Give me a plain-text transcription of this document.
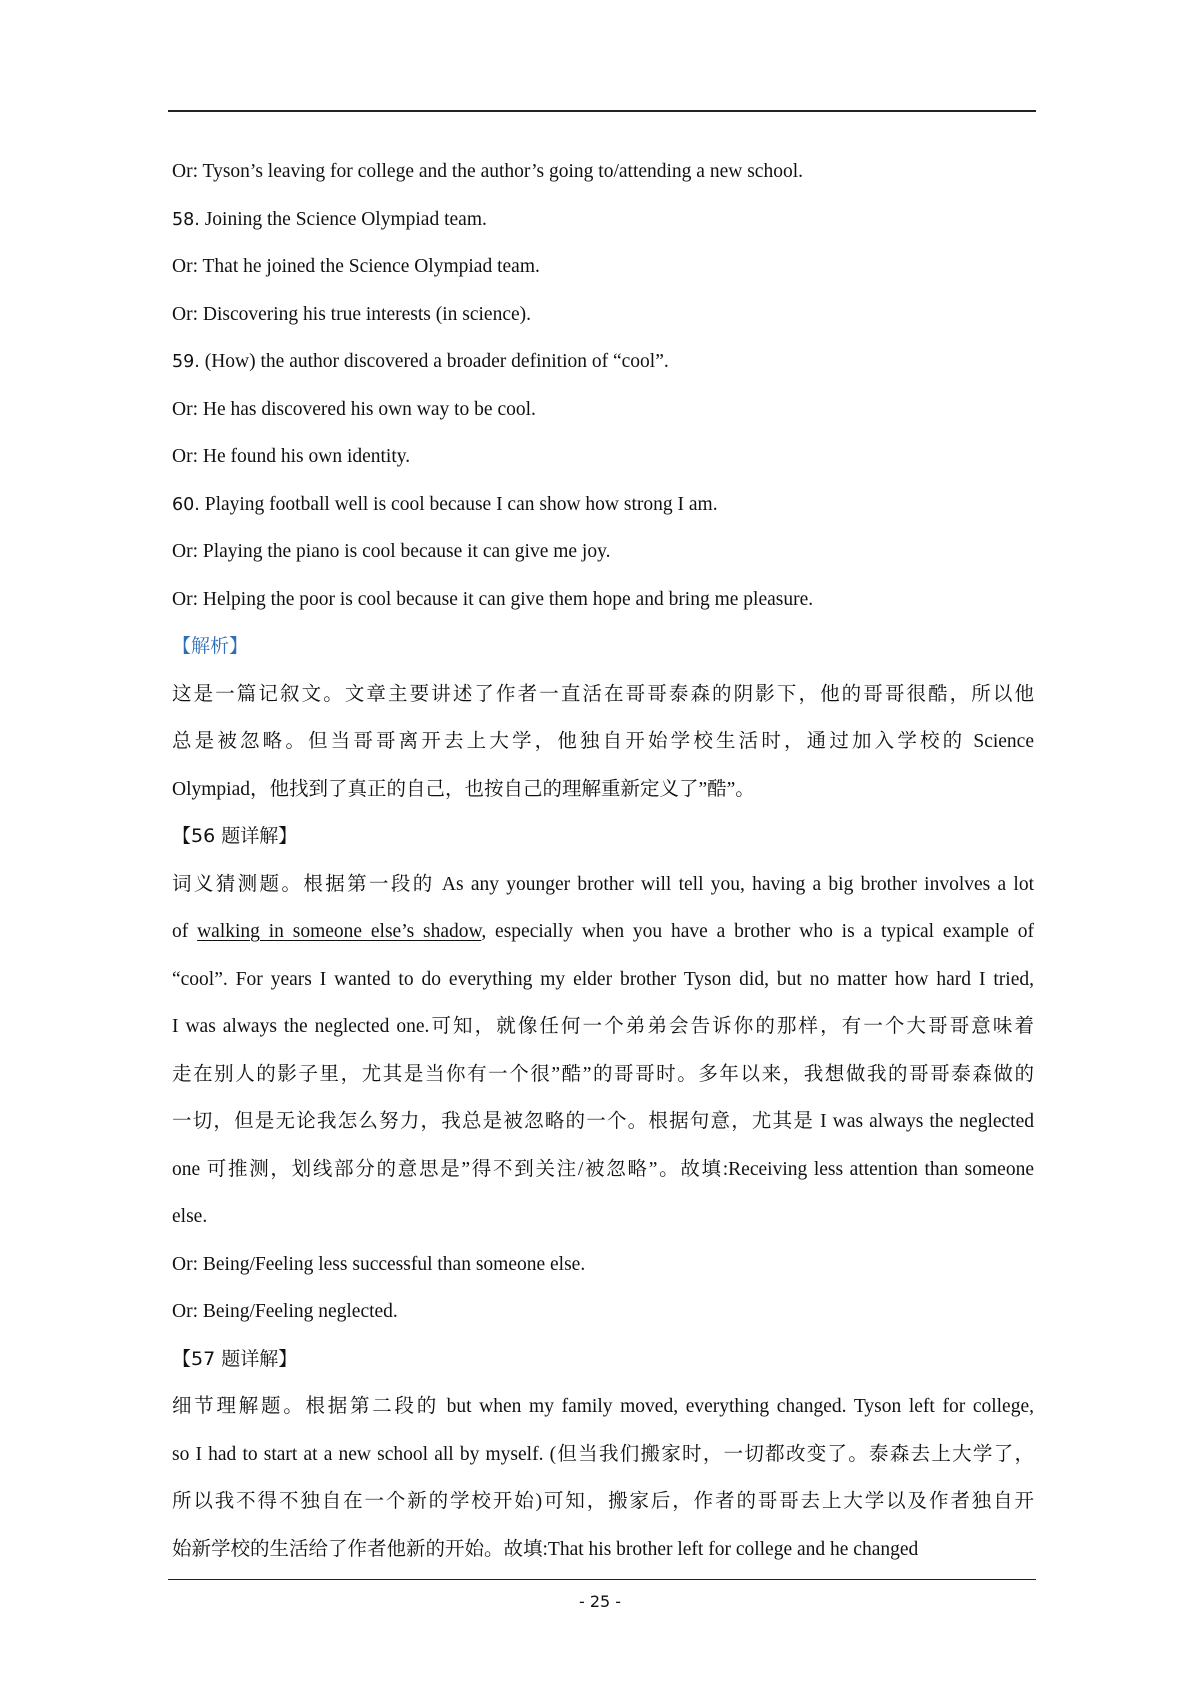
Or: Tyson’s leaving for college and the author’s going to/attending a new school.
58. Joining the Science Olympiad team.
Or: That he joined the Science Olympiad team.
Or: Discovering his true interests (in science).
59. (How) the author discovered a broader definition of “cool”.
Or: He has discovered his own way to be cool.
Or: He found his own identity.
60. Playing football well is cool because I can show how strong I am.
Or: Playing the piano is cool because it can give me joy.
Or: Helping the poor is cool because it can give them hope and bring me pleasure.
【解析】
这是一篇记叙文。文章主要讲述了作者一直活在哥哥泰森的阴影下，他的哥哥很酷，所以他
总是被忽略。但当哥哥离开去上大学，他独自开始学校生活时，通过加入学校的 Science
Olympiad，他找到了真正的自己，也按自己的理解重新定义了”酷”。
【56 题详解】
词义猜测题。根据第一段的 As any younger brother will tell you, having a big brother involves a lot
of walking in someone else’s shadow, especially when you have a brother who is a typical example of
“cool”. For years I wanted to do everything my elder brother Tyson did, but no matter how hard I tried,
I was always the neglected one.可知，就像任何一个弟弟会告诉你的那样，有一个大哥哥意味着
走在别人的影子里，尤其是当你有一个很”酷”的哥哥时。多年以来，我想做我的哥哥泰森做的
一切，但是无论我怎么努力，我总是被忽略的一个。根据句意，尤其是 I was always the neglected
one 可推测，划线部分的意思是”得不到关注/被忽略”。故填:Receiving less attention than someone
else.
Or: Being/Feeling less successful than someone else.
Or: Being/Feeling neglected.
【57 题详解】
细节理解题。根据第二段的 but when my family moved, everything changed. Tyson left for college,
so I had to start at a new school all by myself. (但当我们搬家时，一切都改变了。泰森去上大学了，
所以我不得不独自在一个新的学校开始)可知，搬家后，作者的哥哥去上大学以及作者独自开
始新学校的生活给了作者他新的开始。故填:That his brother left for college and he changed
- 25 -
